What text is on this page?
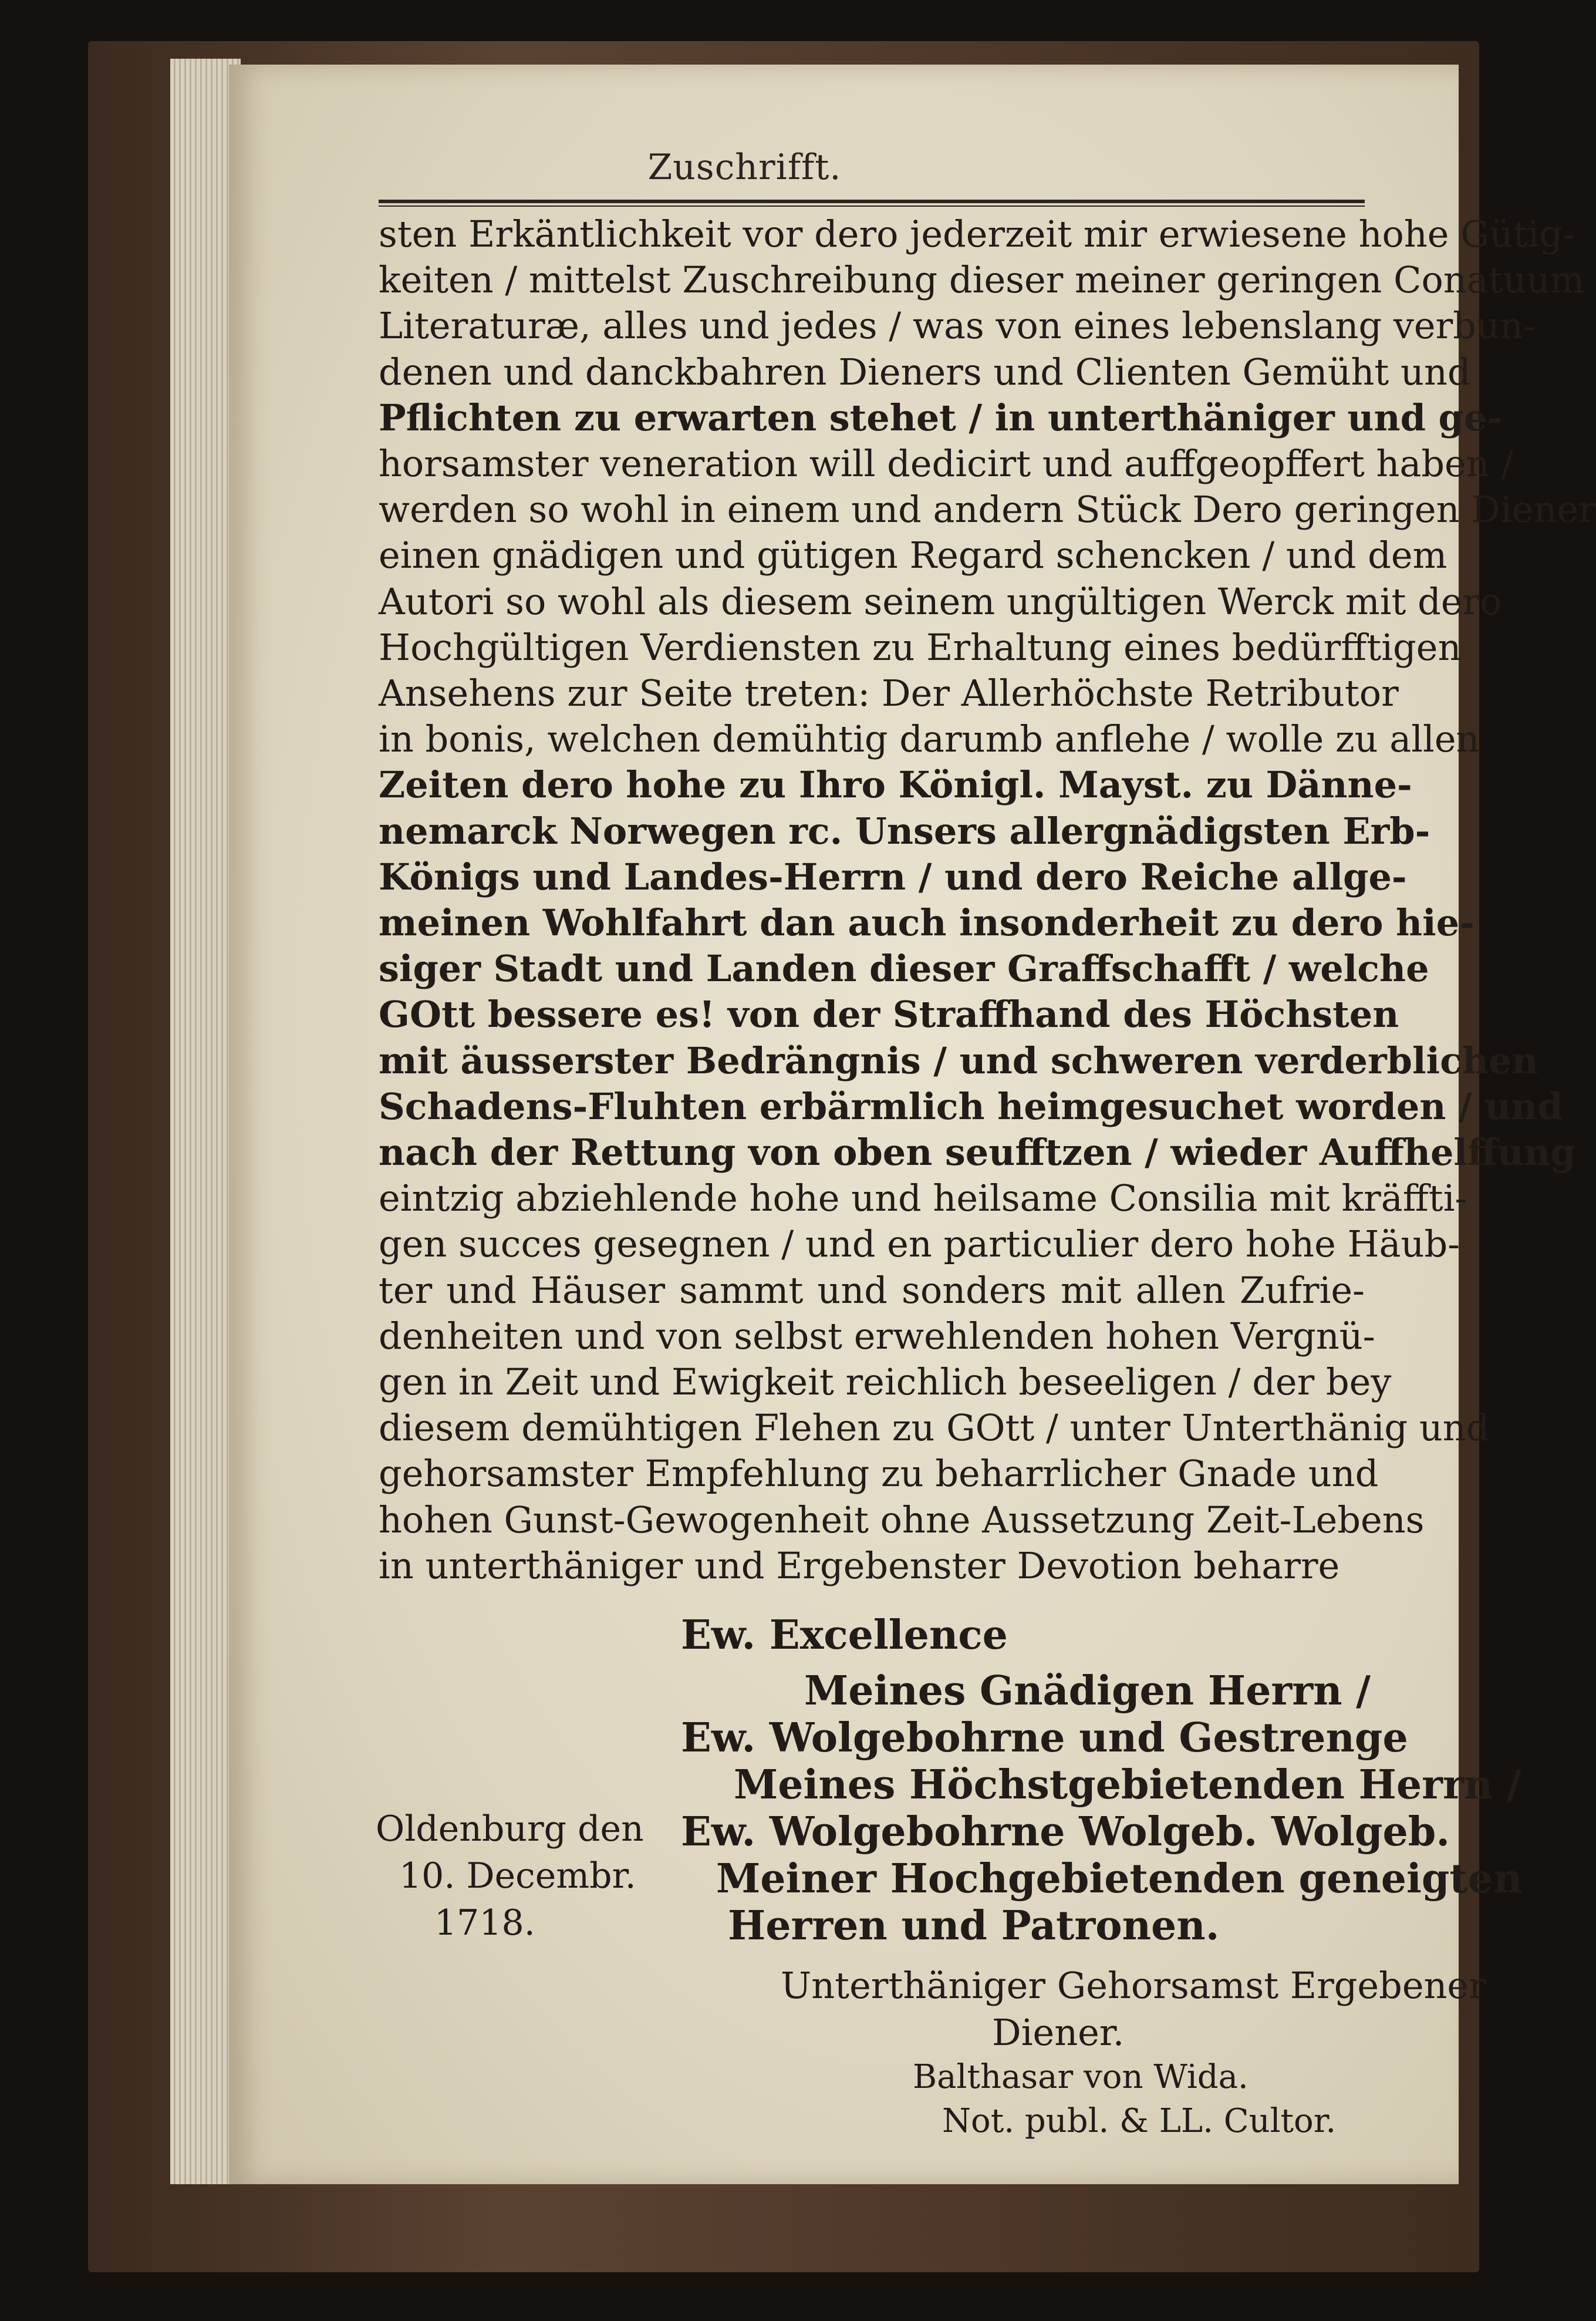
Zuschrifft.
sten Erkäntlichkeit vor dero jederzeit mir erwiesene hohe Gütig-
keiten / mittelst Zuschreibung dieser meiner geringen Conatuum
Literaturæ, alles und jedes / was von eines lebenslang verbun-
denen und danckbahren Dieners und Clienten Gemüht und
Pflichten zu erwarten stehet / in unterthäniger und ge-
horsamster veneration will dedicirt und auffgeopffert haben /
werden so wohl in einem und andern Stück Dero geringen Diener
einen gnädigen und gütigen Regard schencken / und dem
Autori so wohl als diesem seinem ungültigen Werck mit dero
Hochgültigen Verdiensten zu Erhaltung eines bedürfftigen
Ansehens zur Seite treten: Der Allerhöchste Retributor
in bonis, welchen demühtig darumb anflehe / wolle zu allen
Zeiten dero hohe zu Ihro Königl. Mayst. zu Dänne-
nemarck Norwegen rc. Unsers allergnädigsten Erb-
Königs und Landes-Herrn / und dero Reiche allge-
meinen Wohlfahrt dan auch insonderheit zu dero hie-
siger Stadt und Landen dieser Graffschafft / welche
GOtt bessere es! von der Straffhand des Höchsten
mit äusserster Bedrängnis / und schweren verderblichen
Schadens-Fluhten erbärmlich heimgesuchet worden / und
nach der Rettung von oben seufftzen / wieder Auffhelffung
eintzig abziehlende hohe und heilsame Consilia mit kräffti-
gen succes gesegnen / und en particulier dero hohe Häub-
ter und Häuser sammt und sonders mit allen Zufrie-
denheiten und von selbst erwehlenden hohen Vergnü-
gen in Zeit und Ewigkeit reichlich beseeligen / der bey
diesem demühtigen Flehen zu GOtt / unter Unterthänig und
gehorsamster Empfehlung zu beharrlicher Gnade und
hohen Gunst-Gewogenheit ohne Aussetzung Zeit-Lebens
in unterthäniger und Ergebenster Devotion beharre
Ew. Excellence
Meines Gnädigen Herrn /
Ew. Wolgebohrne und Gestrenge
Meines Höchstgebietenden Herrn /
Ew. Wolgebohrne Wolgeb. Wolgeb.
Meiner Hochgebietenden geneigten
Herren und Patronen.
Oldenburg den
10. Decembr.
1718.
Unterthäniger Gehorsamst Ergebener
Diener.
Balthasar von Wida.
Not. publ. & LL. Cultor.
